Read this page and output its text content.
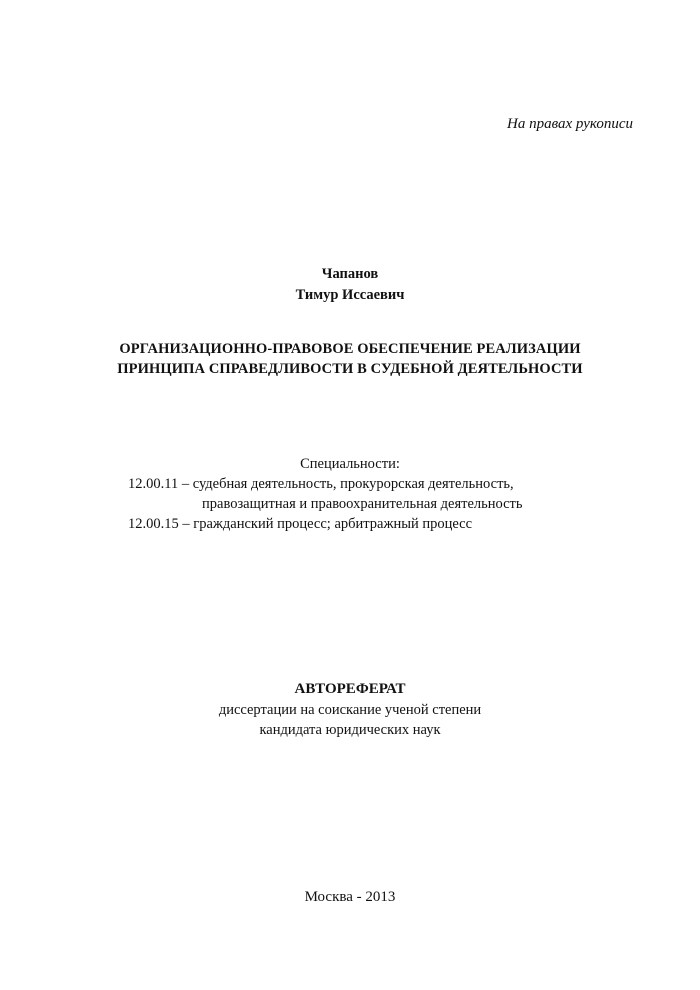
На правах рукописи
Чапанов
Тимур Иссаевич
ОРГАНИЗАЦИОННО-ПРАВОВОЕ ОБЕСПЕЧЕНИЕ РЕАЛИЗАЦИИ
ПРИНЦИПА СПРАВЕДЛИВОСТИ В СУДЕБНОЙ ДЕЯТЕЛЬНОСТИ
Специальности:
12.00.11 – судебная деятельность, прокурорская деятельность,
правозащитная и правоохранительная деятельность
12.00.15 – гражданский процесс; арбитражный процесс
АВТОРЕФЕРАТ
диссертации на соискание ученой степени
кандидата юридических наук
Москва - 2013
